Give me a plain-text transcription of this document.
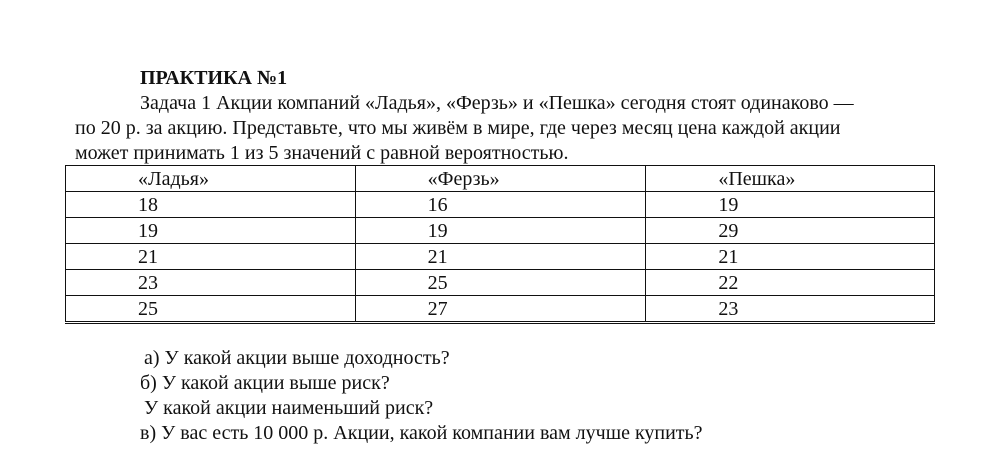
ПРАКТИКА №1
Задача 1 Акции компаний «Ладья», «Ферзь» и «Пешка» сегодня стоят одинаково —
по 20 р. за акцию. Представьте, что мы живём в мире, где через месяц цена каждой акции
может принимать 1 из 5 значений с равной вероятностью.
«Ладья»	«Ферзь»	«Пешка»
18	16	19
19	19	29
21	21	21
23	25	22
25	27	23
а) У какой акции выше доходность?
б) У какой акции выше риск?
У какой акции наименьший риск?
в) У вас есть 10 000 р. Акции, какой компании вам лучше купить?
